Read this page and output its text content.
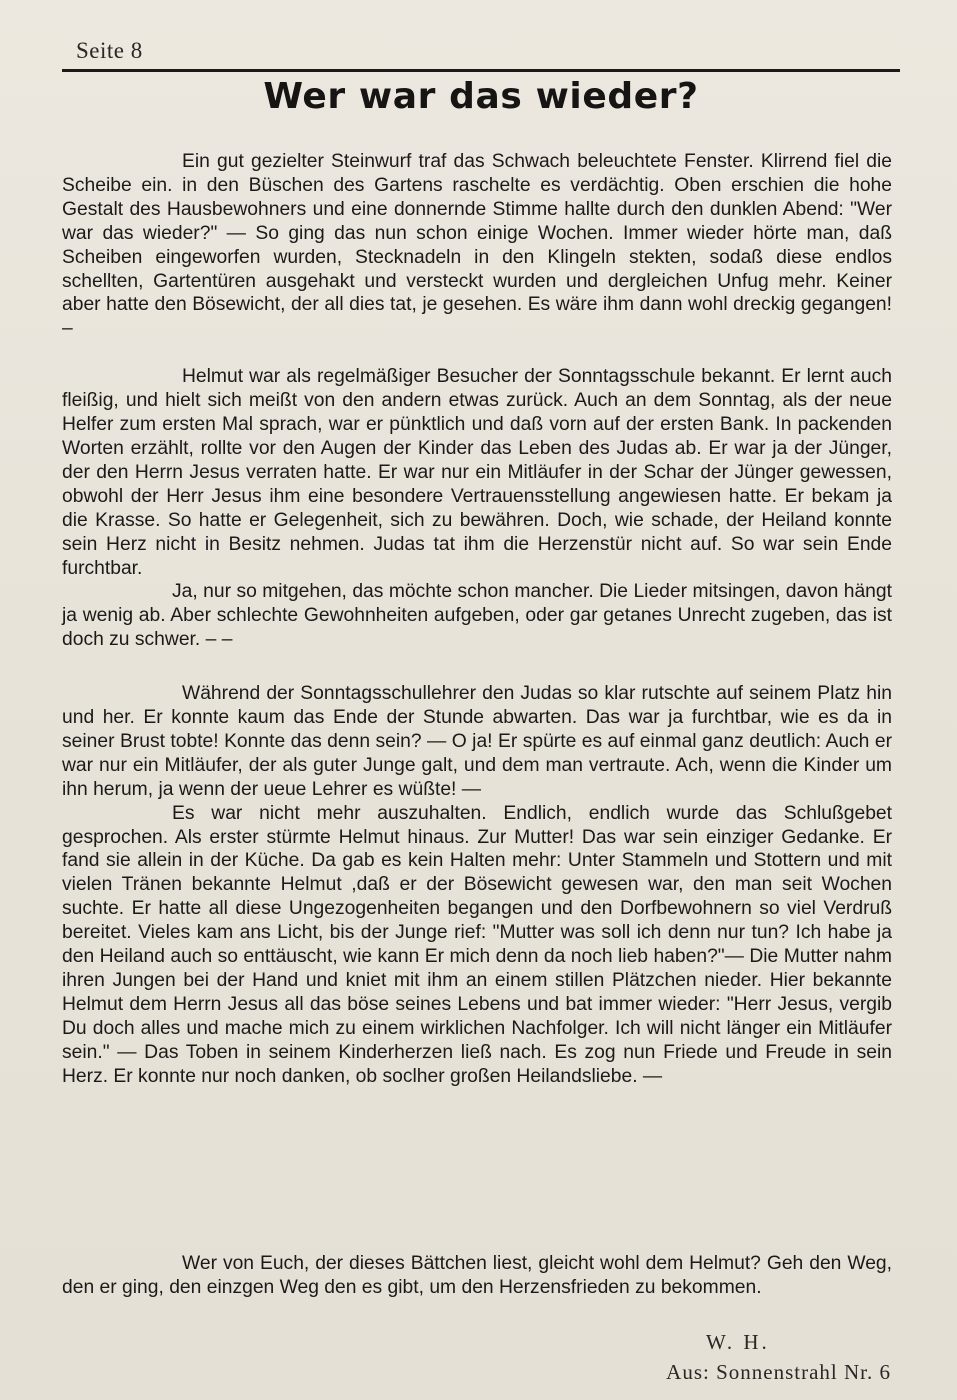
Seite 8
Wer war das wieder?

Ein gut gezielter Steinwurf traf das Schwach beleuchtete Fenster. Klirrend fiel die Scheibe ein. in den Büschen des Gartens raschelte es verdächtig. Oben erschien die hohe Gestalt des Hausbewohners und eine donnernde Stimme hallte durch den dunklen Abend: "Wer war das wieder?" — So ging das nun schon einige Wochen. Immer wieder hörte man, daß Scheiben eingeworfen wurden, Stecknadeln in den Klingeln stekten, sodaß diese endlos schellten, Gartentüren ausgehakt und versteckt wurden und dergleichen Unfug mehr. Keiner aber hatte den Bösewicht, der all dies tat, je gesehen. Es wäre ihm dann wohl dreckig gegangen! –

Helmut war als regelmäßiger Besucher der Sonntagsschule bekannt. Er lernt auch fleißig, und hielt sich meißt von den andern etwas zurück. Auch an dem Sonntag, als der neue Helfer zum ersten Mal sprach, war er pünktlich und daß vorn auf der ersten Bank. In packenden Worten erzählt, rollte vor den Augen der Kinder das Leben des Judas ab. Er war ja der Jünger, der den Herrn Jesus verraten hatte. Er war nur ein Mitläufer in der Schar der Jünger gewessen, obwohl der Herr Jesus ihm eine besondere Vertrauensstellung angewiesen hatte. Er bekam ja die Krasse. So hatte er Gelegenheit, sich zu bewähren. Doch, wie schade, der Heiland konnte sein Herz nicht in Besitz nehmen. Judas tat ihm die Herzenstür nicht auf. So war sein Ende furchtbar.

Ja, nur so mitgehen, das möchte schon mancher. Die Lieder mitsingen, davon hängt ja wenig ab. Aber schlechte Gewohnheiten aufgeben, oder gar getanes Unrecht zugeben, das ist doch zu schwer. – –

Während der Sonntagsschullehrer den Judas so klar rutschte auf seinem Platz hin und her. Er konnte kaum das Ende der Stunde abwarten. Das war ja furchtbar, wie es da in seiner Brust tobte! Konnte das denn sein? — O ja! Er spürte es auf einmal ganz deutlich: Auch er war nur ein Mitläufer, der als guter Junge galt, und dem man vertraute. Ach, wenn die Kinder um ihn herum, ja wenn der ueue Lehrer es wüßte! —

Es war nicht mehr auszuhalten. Endlich, endlich wurde das Schlußgebet gesprochen. Als erster stürmte Helmut hinaus. Zur Mutter! Das war sein einziger Gedanke. Er fand sie allein in der Küche. Da gab es kein Halten mehr: Unter Stammeln und Stottern und mit vielen Tränen bekannte Helmut ,daß er der Bösewicht gewesen war, den man seit Wochen suchte. Er hatte all diese Ungezogenheiten begangen und den Dorfbewohnern so viel Verdruß bereitet. Vieles kam ans Licht, bis der Junge rief: "Mutter was soll ich denn nur tun? Ich habe ja den Heiland auch so enttäuscht, wie kann Er mich denn da noch lieb haben?"— Die Mutter nahm ihren Jungen bei der Hand und kniet mit ihm an einem stillen Plätzchen nieder. Hier bekannte Helmut dem Herrn Jesus all das böse seines Lebens und bat immer wieder: "Herr Jesus, vergib Du doch alles und mache mich zu einem wirklichen Nachfolger. Ich will nicht länger ein Mitläufer sein." — Das Toben in seinem Kinderherzen ließ nach. Es zog nun Friede und Freude in sein Herz. Er konnte nur noch danken, ob soclher großen Heilandsliebe. —

Wer von Euch, der dieses Bättchen liest, gleicht wohl dem Helmut? Geh den Weg, den er ging, den einzgen Weg den es gibt, um den Herzensfrieden zu bekommen.

W. H.
Aus: Sonnenstrahl Nr. 6
